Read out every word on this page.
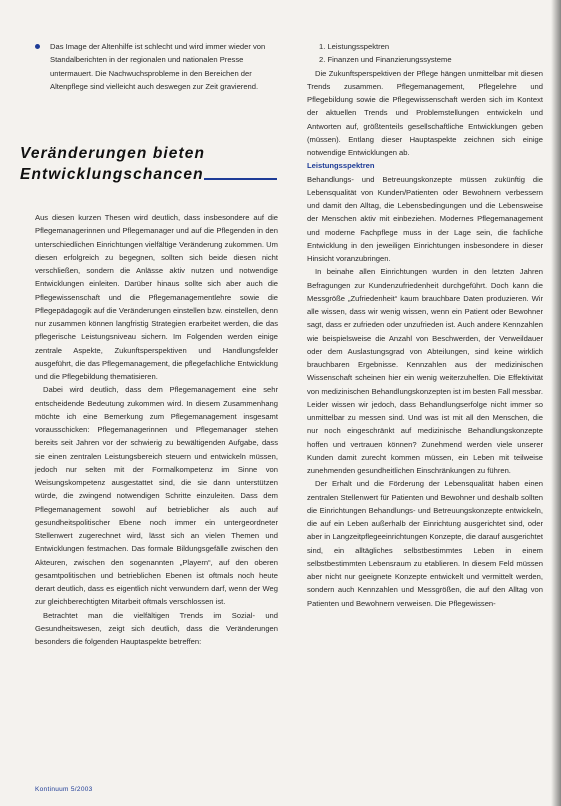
Das Image der Altenhilfe ist schlecht und wird immer wieder von Standalberichten in der regionalen und nationalen Presse untermauert. Die Nachwuchsprobleme in den Bereichen der Altenpflege sind vielleicht auch deswegen zur Zeit gravierend.
Veränderungen bieten
Entwicklungschancen

Aus diesen kurzen Thesen wird deutlich, dass insbesondere auf die Pflegemanagerinnen und Pflegemanager und auf die Pflegenden in den unterschiedlichen Einrichtungen vielfältige Veränderung zukommen. Um diesen erfolgreich zu begegnen, sollten sich beide diesen nicht verschließen, sondern die Anlässe aktiv nutzen und notwendige Entwicklungen einleiten. Darüber hinaus sollte sich aber auch die Pflegewissenschaft und die Pflegemanagementlehre sowie die Pflegepädagogik auf die Veränderungen einstellen bzw. einstellen, denn nur zusammen können langfristig Strategien erarbeitet werden, die das pflegerische Leistungsniveau sichern. Im Folgenden werden einige zentrale Aspekte, Zukunftsperspektiven und Handlungsfelder ausgeführt, die das Pflegemanagement, die pflegefachliche Entwicklung und die Pflegebildung thematisieren.

Dabei wird deutlich, dass dem Pflegemanagement eine sehr entscheidende Bedeutung zukommen wird. In diesem Zusammenhang möchte ich eine Bemerkung zum Pflegemanagement insgesamt vorausschicken: Pflegemanagerinnen und Pflegemanager stehen bereits seit Jahren vor der schwierig zu bewältigenden Aufgabe, dass sie einen zentralen Leistungsbereich steuern und entwickeln müssen, jedoch nur selten mit der Formalkompetenz im Sinne von Weisungskompetenz ausgestattet sind, die sie dann unterstützen würde, die zwingend notwendigen Schritte einzuleiten. Dass dem Pflegemanagement sowohl auf betrieblicher als auch auf gesundheitspolitischer Ebene noch immer ein untergeordneter Stellenwert zugerechnet wird, lässt sich an vielen Themen und Entwicklungen festmachen. Das formale Bildungsgefälle zwischen den Akteuren, zwischen den sogenannten „Playern“, auf den oberen gesamtpolitischen und betrieblichen Ebenen ist oftmals noch heute derart deutlich, dass es eigentlich nicht verwundern darf, wenn der Weg zur gleichberechtigten Mitarbeit oftmals verschlossen ist.

Betrachtet man die vielfältigen Trends im Sozial- und Gesundheitswesen, zeigt sich deutlich, dass die Veränderungen besonders die folgenden Hauptaspekte betreffen:

1. Leistungsspektren
2. Finanzen und Finanzierungssysteme

Die Zukunftsperspektiven der Pflege hängen unmittelbar mit diesen Trends zusammen. Pflegemanagement, Pflegelehre und Pflegebildung sowie die Pflegewissenschaft werden sich im Kontext der aktuellen Trends und Problemstellungen entwickeln und Antworten auf, größtenteils gesellschaftliche Entwicklungen geben (müssen). Entlang dieser Hauptaspekte zeichnen sich einige notwendige Entwicklungen ab.

Leistungsspektren

Behandlungs- und Betreuungskonzepte müssen zukünftig die Lebensqualität von Kunden/Patienten oder Bewohnern verbessern und damit den Alltag, die Lebensbedingungen und die Lebensweise der Menschen aktiv mit einbeziehen. Modernes Pflegemanagement und moderne Fachpflege muss in der Lage sein, die fachliche Entwicklung in den jeweiligen Einrichtungen insbesondere in dieser Hinsicht voranzubringen.

In beinahe allen Einrichtungen wurden in den letzten Jahren Befragungen zur Kundenzufriedenheit durchgeführt. Doch kann die Messgröße „Zufriedenheit“ kaum brauchbare Daten produzieren. Wir alle wissen, dass wir wenig wissen, wenn ein Patient oder Bewohner sagt, dass er zufrieden oder unzufrieden ist. Auch andere Kennzahlen wie beispielsweise die Anzahl von Beschwerden, der Verweildauer oder dem Auslastungsgrad von Abteilungen, sind keine wirklich brauchbaren Ergebnisse. Kennzahlen aus der medizinischen Wissenschaft scheinen hier ein wenig weiterzuhelfen. Die Effektivität von medizinischen Behandlungskonzepten ist im besten Fall messbar. Leider wissen wir jedoch, dass Behandlungserfolge nicht immer so unmittelbar zu messen sind. Und was ist mit all den Menschen, die nur noch eingeschränkt auf medizinische Behandlungskonzepte hoffen und vertrauen können? Zunehmend werden viele unserer Kunden damit zurecht kommen müssen, ein Leben mit teilweise zunehmenden gesundheitlichen Einschränkungen zu führen.

Der Erhalt und die Förderung der Lebensqualität haben einen zentralen Stellenwert für Patienten und Bewohner und deshalb sollten die Einrichtungen Behandlungs- und Betreuungskonzepte entwickeln, die auf ein Leben außerhalb der Einrichtung ausgerichtet sind, oder aber in Langzeitpflegeeinrichtungen Konzepte, die darauf ausgerichtet sind, ein alltägliches selbstbestimmtes Leben in einem selbstbestimmten Lebensraum zu etablieren. In diesem Feld müssen aber nicht nur geeignete Konzepte entwickelt und vermittelt werden, sondern auch Kennzahlen und Messgrößen, die auf den Alltag von Patienten und Bewohnern verweisen. Die Pflegewissen-

Kontinuum 5/2003
